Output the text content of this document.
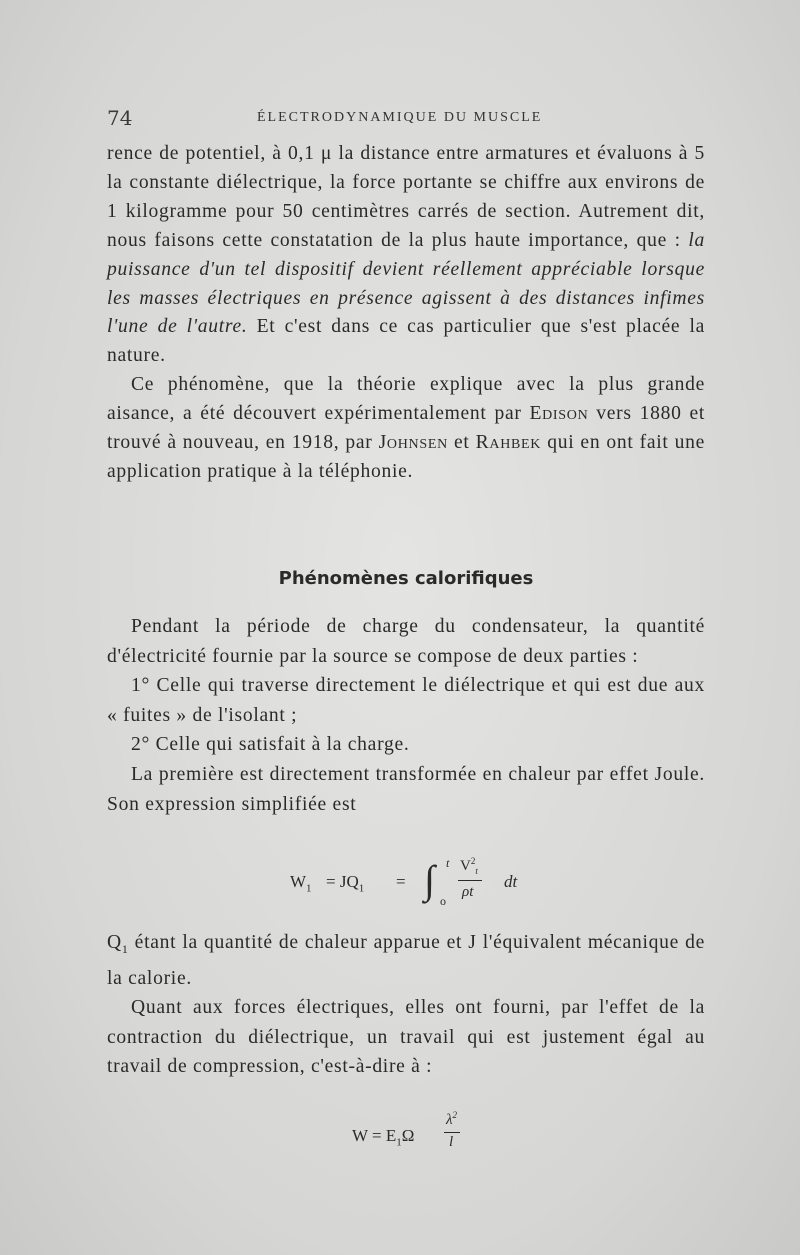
74	ÉLECTRODYNAMIQUE DU MUSCLE

rence de potentiel, à 0,1 μ la distance entre armatures et évaluons à 5 la constante diélectrique, la force portante se chiffre aux environs de 1 kilogramme pour 50 centimètres carrés de section. Autrement dit, nous faisons cette constatation de la plus haute importance, que : la puissance d'un tel dispositif devient réellement appréciable lorsque les masses électriques en présence agissent à des distances infimes l'une de l'autre. Et c'est dans ce cas particulier que s'est placée la nature.

Ce phénomène, que la théorie explique avec la plus grande aisance, a été découvert expérimentalement par Edison vers 1880 et trouvé à nouveau, en 1918, par Johnsen et Rahbek qui en ont fait une application pratique à la téléphonie.

Phénomènes calorifiques

Pendant la période de charge du condensateur, la quantité d'électricité fournie par la source se compose de deux parties :

1° Celle qui traverse directement le diélectrique et qui est due aux « fuites » de l'isolant ;

2° Celle qui satisfait à la charge.

La première est directement transformée en chaleur par effet Joule. Son expression simplifiée est

$W_1 = JQ_1$ = ∫ t
o
$V^2_t$
ρt
dt

$Q_1$ étant la quantité de chaleur apparue et J l'équivalent mécanique de la calorie.

Quant aux forces électriques, elles ont fourni, par l'effet de la contraction du diélectrique, un travail qui est justement égal au travail de compression, c'est-à-dire à :

$W = E_1\Omega$
$\lambda^2$
l
